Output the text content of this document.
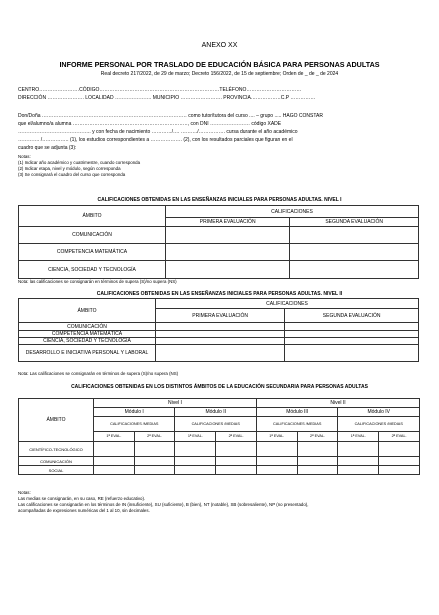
ANEXO XX
INFORME PERSONAL POR TRASLADO DE EDUCACIÓN BÁSICA PARA PERSONAS ADULTAS
Real decreto 217/2022, de 29 de marzo; Decreto 156/2022, de 15 de septiembre; Orden de _ de _ de 2024
CENTRO……………………CÓDIGO………………………………………………………………TELÉFONO……………………………
DIRECCIÓN …………………. LOCALIDAD …………………. MUNICIPIO ……………………. PROVINCIA………………C.P ……………
Don/Doña …………………………………………………………………………… como tutor/tutora del curso .... – grupo ..... HAGO CONSTAR
que el/alumno/a alumna ……………………………………………………………, con DNI …………………… código XADE
…………………………………….. y con fecha de nacimiento …………/…. ………./……………. cursa durante el año académico
…………. /……………. (1), los estudios correspondientes a ………………. (2), con los resultados parciales que figuran en el
cuadro que se adjunta (3):
Notas:
(1) Indicar año académico y cuatrimestre, cuando corresponda
(2) Indicar etapa, nivel y módulo, según corresponda
(3) Se consignará el cuadro del curso que corresponda
CALIFICACIONES OBTENIDAS EN LAS ENSEÑANZAS INICIALES PARA PERSONAS ADULTAS. NIVEL I
ÁMBITO	CALIFICACIONES	
	PRIMERA EVALUACIÓN	SEGUNDA EVALUACIÓN
COMUNICACIÓN		
COMPETENCIA MATEMÁTICA		
CIENCIA, SOCIEDAD Y TECNOLOGÍA		
Nota: las calificaciones se consignarán en términos de supera (S)/no supera (NS)
CALIFICACIONES OBTENIDAS EN LAS ENSEÑANZAS INICIALES PARA PERSONAS ADULTAS. NIVEL II
ÁMBITO	CALIFICACIONES	
	PRIMERA EVALUACIÓN	SEGUNDA EVALUACIÓN
COMUNICACIÓN		
COMPETENCIA MATEMÁTICA		
CIENCIA, SOCIEDAD Y TECNOLOGÍA		
DESARROLLO E INICIATIVA PERSONAL Y LABORAL		
Nota: Las calificaciones se consignarán en términos de supera (S)/no supera (NS)
CALIFICACIONES OBTENIDAS EN LOS DISTINTOS ÁMBITOS DE LA EDUCACIÓN SECUNDARIA PARA PERSONAS ADULTAS
ÁMBITO	Nivel I				Nivel II			
	Módulo I		Módulo II		Módulo III		Módulo IV	
	CALIFICACIONES /MEDIAS		CALIFICACIONES /MEDIAS		CALIFICACIONES /MEDIAS		CALIFICACIONES /MEDIAS	
	1ª EVAL.	2ª EVAL.	1ª EVAL.	2ª EVAL.	1ª EVAL.	2ª EVAL.	1ª EVAL.	2ª EVAL.
CIENTÍFICO-TECNOLÓGICO								
COMUNICACIÓN								
SOCIAL								
Notas:
Las medias se consignarán, en su caso, RE (refuerzo educativo).
Las calificaciones se consignarán en los términos de IN (insuficiente), SU (suficiente), B (bien), NT (notable), SB (sobresaliente), NP (no presentado),
acompañadas de expresiones numéricas del 1 al 10, sin decimales.
